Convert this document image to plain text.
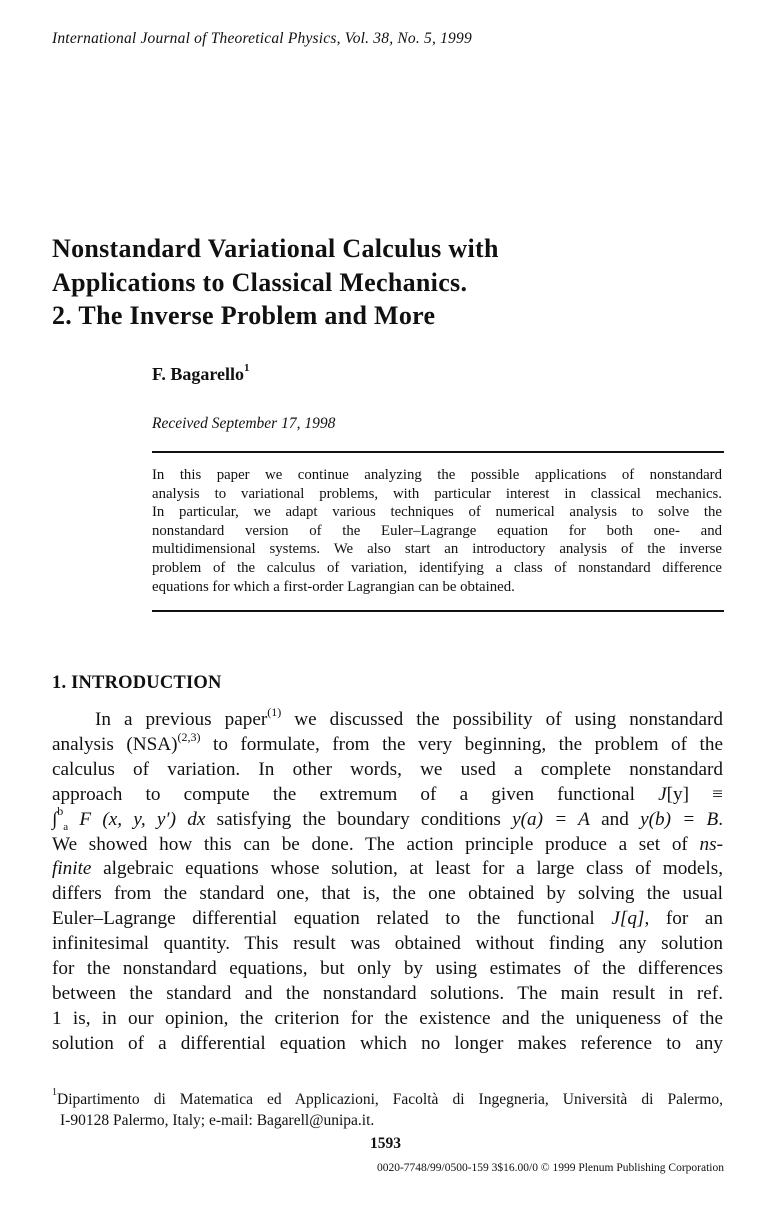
International Journal of Theoretical Physics, Vol. 38, No. 5, 1999
Nonstandard Variational Calculus with
Applications to Classical Mechanics.
2. The Inverse Problem and More
F. Bagarello$^1$
Received September 17, 1998
In this paper we continue analyzing the possible applications of nonstandard
analysis to variational problems, with particular interest in classical mechanics.
In particular, we adapt various techniques of numerical analysis to solve the
nonstandard version of the Euler–Lagrange equation for both one- and
multidimensional systems. We also start an introductory analysis of the inverse
problem of the calculus of variation, identifying a class of nonstandard difference
equations for which a first-order Lagrangian can be obtained.
1. INTRODUCTION
In a previous paper$^{(1)}$ we discussed the possibility of using nonstandard
analysis (NSA)$^{(2,3)}$ to formulate, from the very beginning, the problem of the
calculus of variation. In other words, we used a complete nonstandard
approach to compute the extremum of a given functional J[y] ≡
∫$^b_a$ F (x, y, y′) dx satisfying the boundary conditions y(a) = A and y(b) = B.
We showed how this can be done. The action principle produce a set of ns-
finite algebraic equations whose solution, at least for a large class of models,
differs from the standard one, that is, the one obtained by solving the usual
Euler–Lagrange differential equation related to the functional J[q], for an
infinitesimal quantity. This result was obtained without finding any solution
for the nonstandard equations, but only by using estimates of the differences
between the standard and the nonstandard solutions. The main result in ref.
1 is, in our opinion, the criterion for the existence and the uniqueness of the
solution of a differential equation which no longer makes reference to any
$^1$Dipartimento di Matematica ed Applicazioni, Facoltà di Ingegneria, Università di Palermo,
I-90128 Palermo, Italy; e-mail: Bagarell@unipa.it.
1593
0020-7748/99/0500-159 3$16.00/0 © 1999 Plenum Publishing Corporation
